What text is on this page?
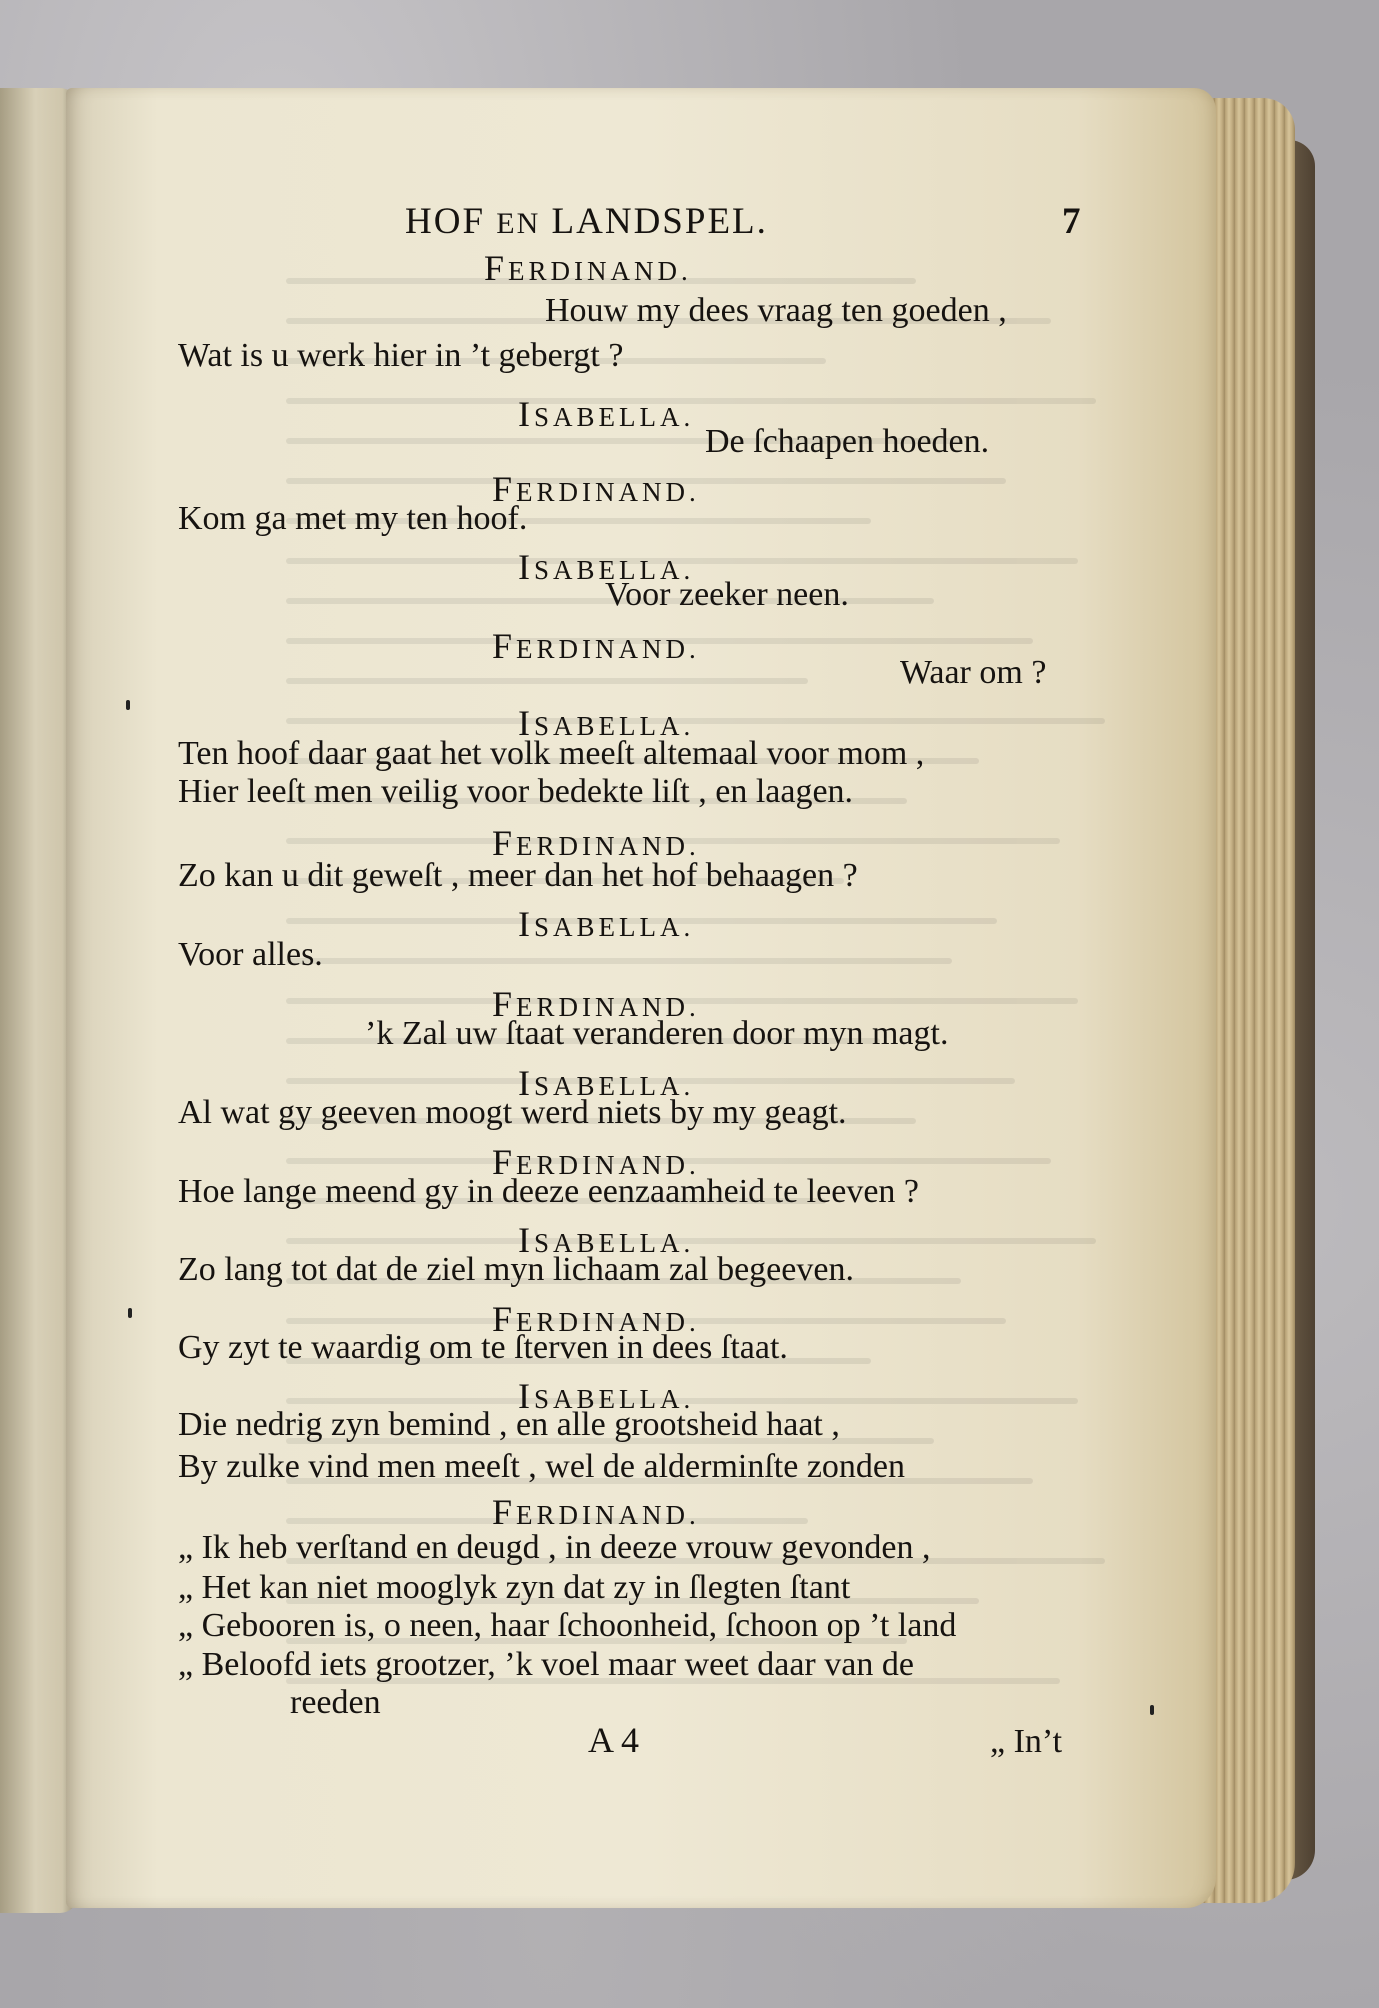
HOF EN LANDSPEL.	7
A 4	„ In’t
FERDINAND.
Houw my dees vraag ten goeden ,
Wat is u werk hier in ’t gebergt ?
ISABELLA.
De ſchaapen hoeden.
FERDINAND.
Kom ga met my ten hoof.
ISABELLA.
Voor zeeker neen.
FERDINAND.
Waar om ?
ISABELLA.
Ten hoof daar gaat het volk meeſt altemaal voor mom ,
Hier leeſt men veilig voor bedekte liſt , en laagen.
FERDINAND.
Zo kan u dit geweſt , meer dan het hof behaagen ?
ISABELLA.
Voor alles.
FERDINAND.
’k Zal uw ſtaat veranderen door myn magt.
ISABELLA.
Al wat gy geeven moogt werd niets by my geagt.
FERDINAND.
Hoe lange meend gy in deeze eenzaamheid te leeven ?
ISABELLA.
Zo lang tot dat de ziel myn lichaam zal begeeven.
FERDINAND.
Gy zyt te waardig om te ſterven in dees ſtaat.
ISABELLA.
Die nedrig zyn bemind , en alle grootsheid haat ,
By zulke vind men meeſt , wel de alderminſte zonden
FERDINAND.
„ Ik heb verſtand en deugd , in deeze vrouw gevonden ,
„ Het kan niet mooglyk zyn dat zy in ſlegten ſtant
„ Gebooren is, o neen, haar ſchoonheid, ſchoon op ’t land
„ Beloofd iets grootzer, ’k voel maar weet daar van de
reeden
